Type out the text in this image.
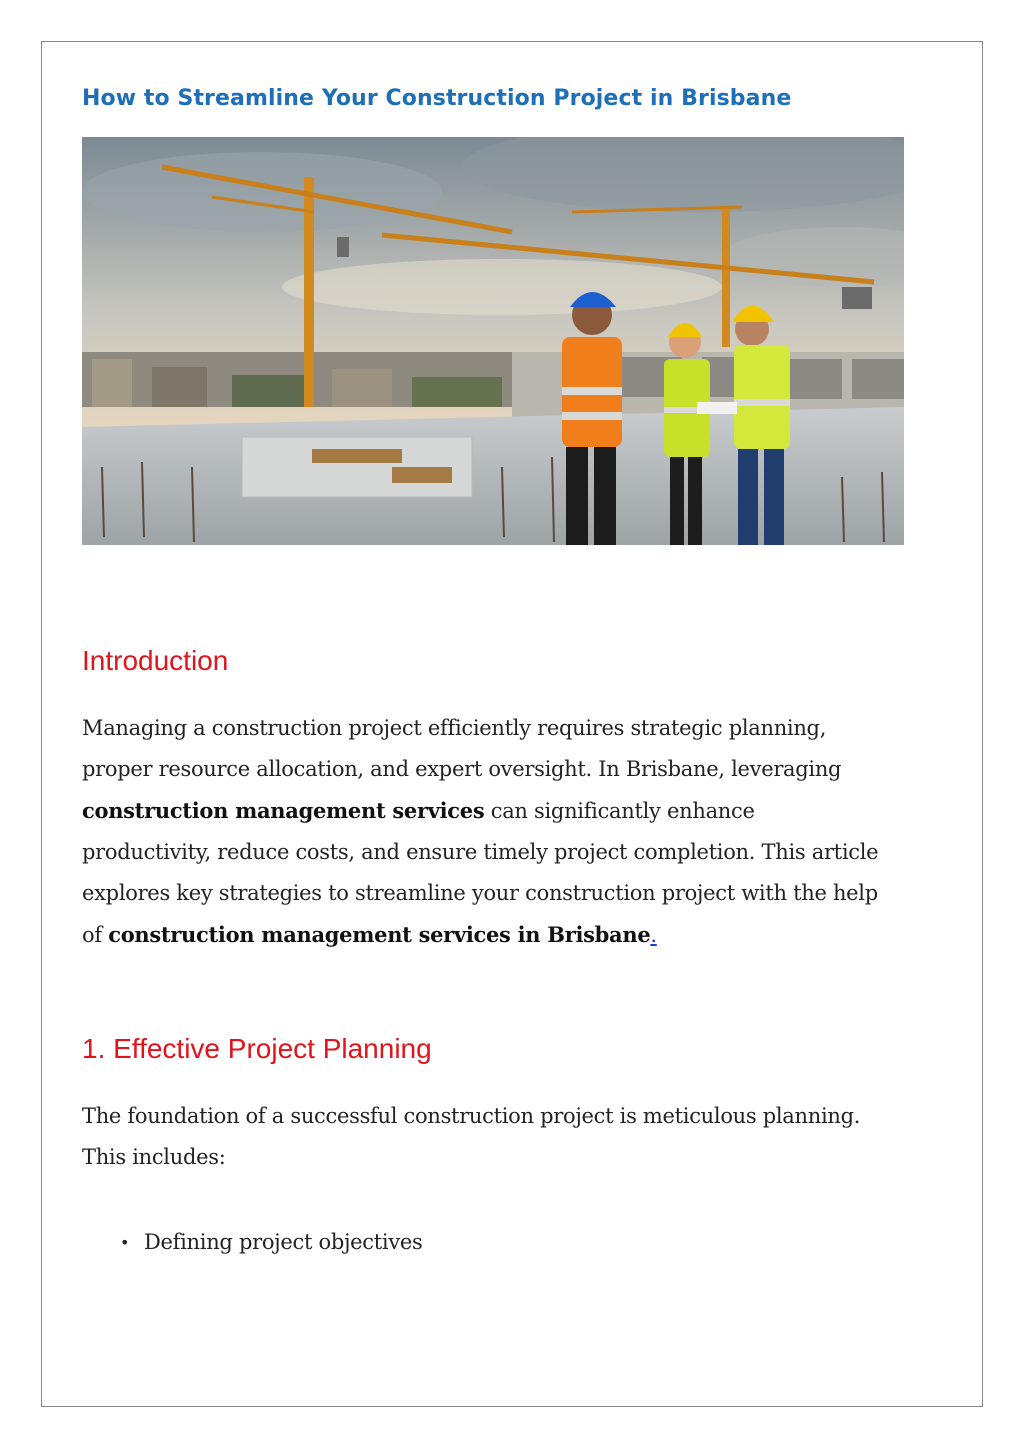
How to Streamline Your Construction Project in Brisbane
Introduction

Managing a construction project efficiently requires strategic planning, proper resource allocation, and expert oversight. In Brisbane, leveraging construction management services can significantly enhance productivity, reduce costs, and ensure timely project completion. This article explores key strategies to streamline your construction project with the help of construction management services in Brisbane.

1. Effective Project Planning

The foundation of a successful construction project is meticulous planning. This includes:

• Defining project objectives
